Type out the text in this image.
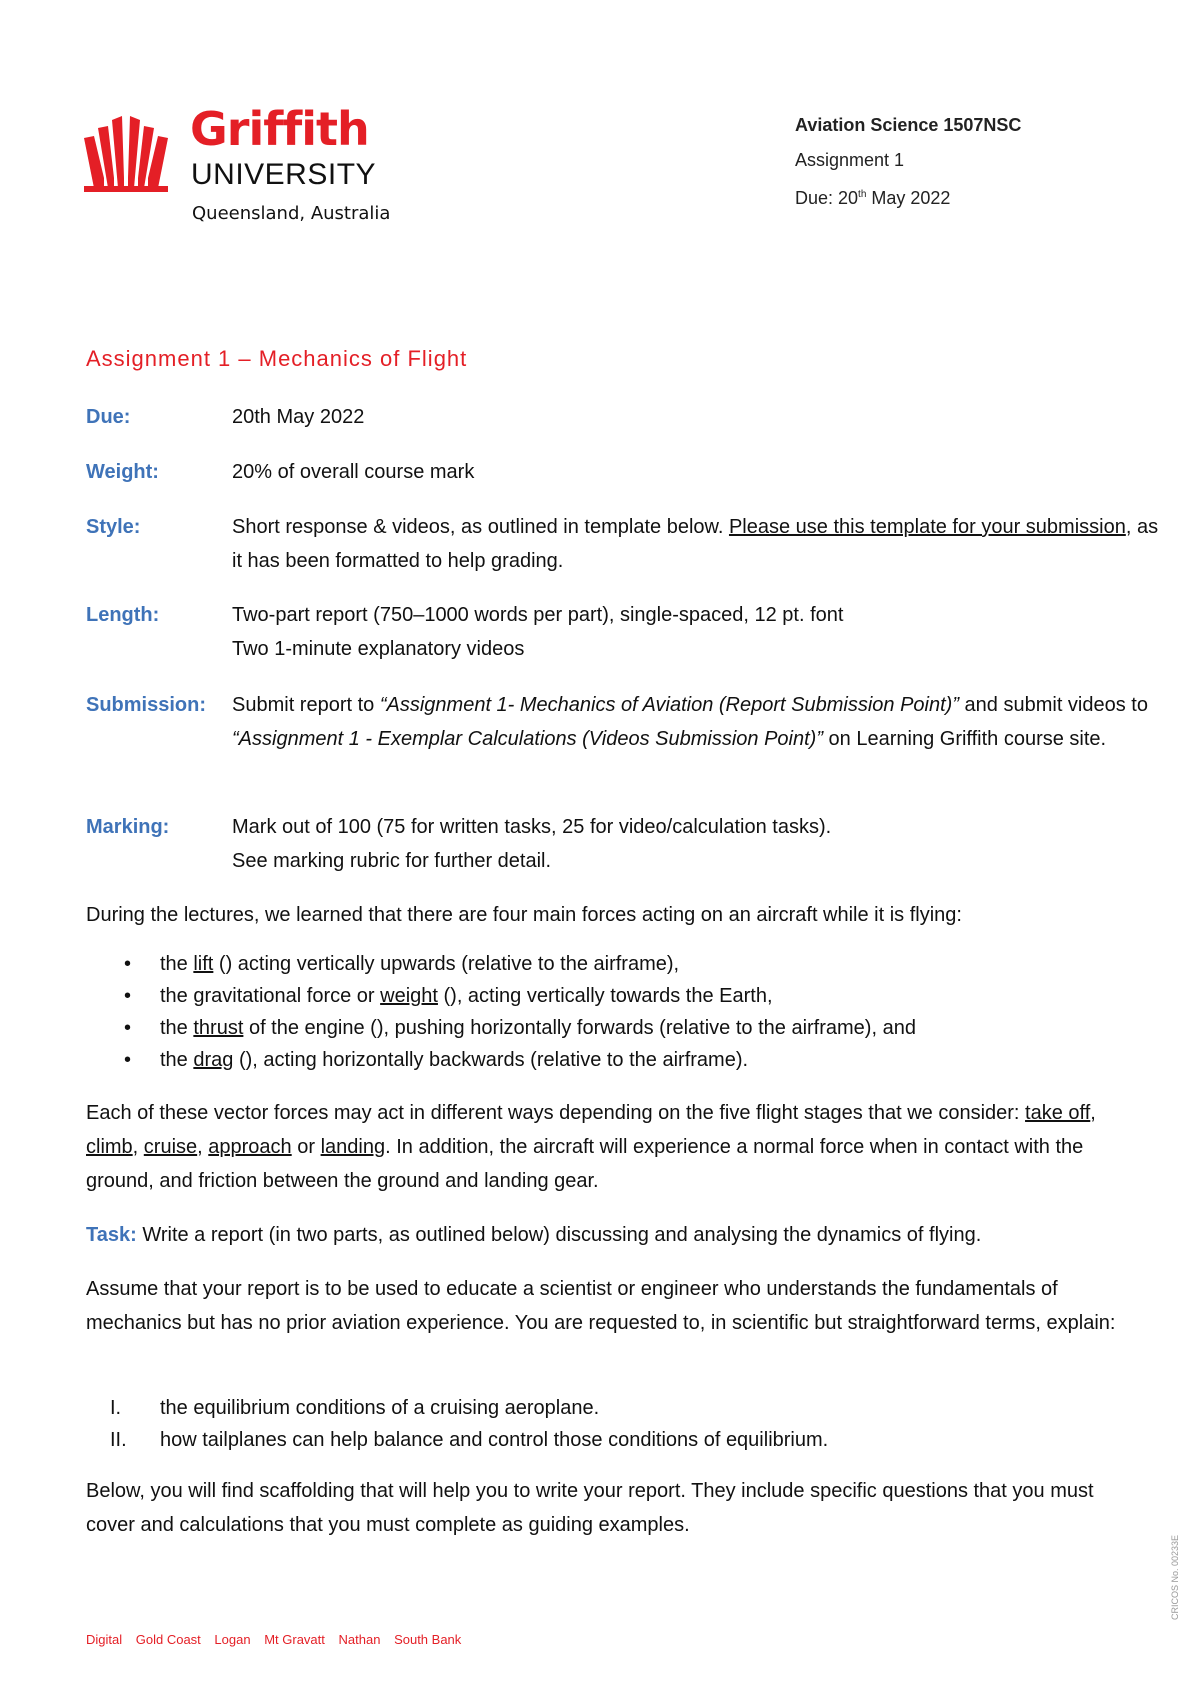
Griffith
UNIVERSITY
Queensland, Australia
Aviation Science 1507NSC
Assignment 1
Due: 20th May 2022
Assignment 1 – Mechanics of Flight
Due:	20th May 2022
Weight:	20% of overall course mark
Style:	Short response & videos, as outlined in template below. Please use this template for your submission, as it has been formatted to help grading.
Length:	Two-part report (750–1000 words per part), single-spaced, 12 pt. font
Two 1-minute explanatory videos
Submission: Submit report to “Assignment 1- Mechanics of Aviation (Report Submission Point)” and submit videos to “Assignment 1 - Exemplar Calculations (Videos Submission Point)” on Learning Griffith course site.
Marking:	Mark out of 100 (75 for written tasks, 25 for video/calculation tasks).
See marking rubric for further detail.
During the lectures, we learned that there are four main forces acting on an aircraft while it is flying:
• the lift () acting vertically upwards (relative to the airframe),
• the gravitational force or weight (), acting vertically towards the Earth,
• the thrust of the engine (), pushing horizontally forwards (relative to the airframe), and
• the drag (), acting horizontally backwards (relative to the airframe).
Each of these vector forces may act in different ways depending on the five flight stages that we consider: take off, climb, cruise, approach or landing. In addition, the aircraft will experience a normal force when in contact with the ground, and friction between the ground and landing gear.
Task: Write a report (in two parts, as outlined below) discussing and analysing the dynamics of flying.
Assume that your report is to be used to educate a scientist or engineer who understands the fundamentals of mechanics but has no prior aviation experience. You are requested to, in scientific but straightforward terms, explain:
I. the equilibrium conditions of a cruising aeroplane.
II. how tailplanes can help balance and control those conditions of equilibrium.
Below, you will find scaffolding that will help you to write your report. They include specific questions that you must cover and calculations that you must complete as guiding examples.
Digital Gold Coast Logan Mt Gravatt Nathan South Bank
CRICOS No. 00233E
